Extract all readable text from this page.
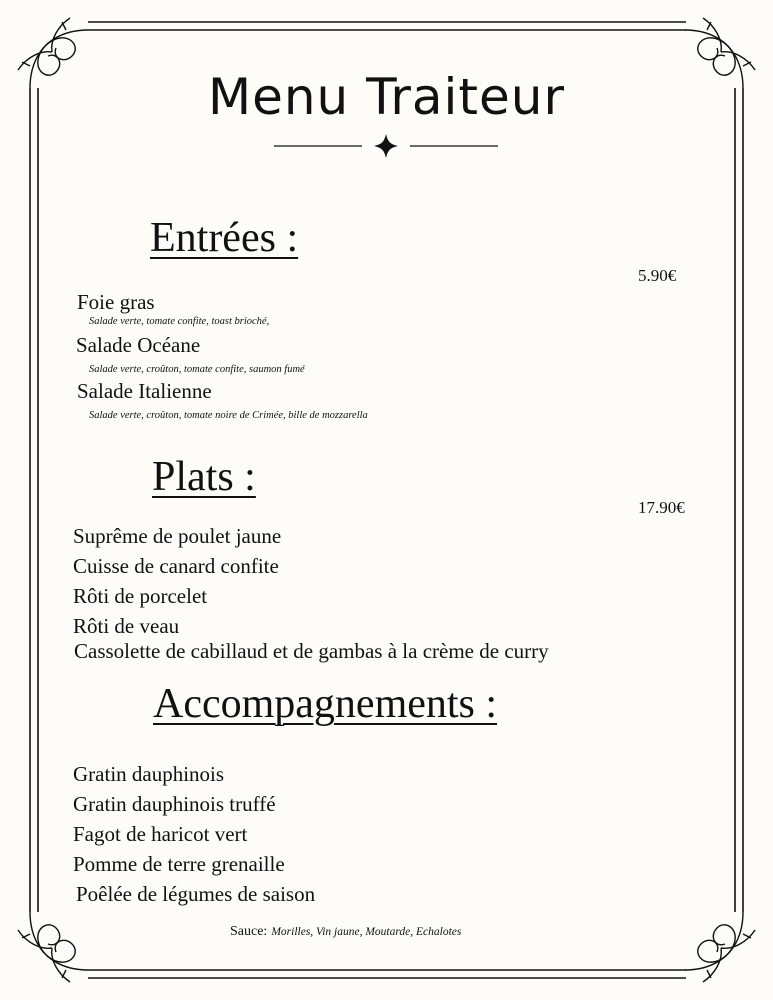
Menu Traiteur
Entrées :
5.90€
Foie gras
Salade verte, tomate confite, toast brioché,
Salade Océane
Salade verte, croûton, tomate confite, saumon fumé
Salade Italienne
Salade verte, croûton, tomate noire de Crimée, bille de mozzarella
Plats :
17.90€
Suprême de poulet jaune
Cuisse de canard confite
Rôti de porcelet
Rôti de veau
Cassolette de cabillaud et de gambas à la crème de curry
Accompagnements :
Gratin dauphinois
Gratin dauphinois truffé
Fagot de haricot vert
Pomme de terre grenaille
Poêlée de légumes de saison
Sauce: Morilles, Vin jaune, Moutarde, Echalotes
